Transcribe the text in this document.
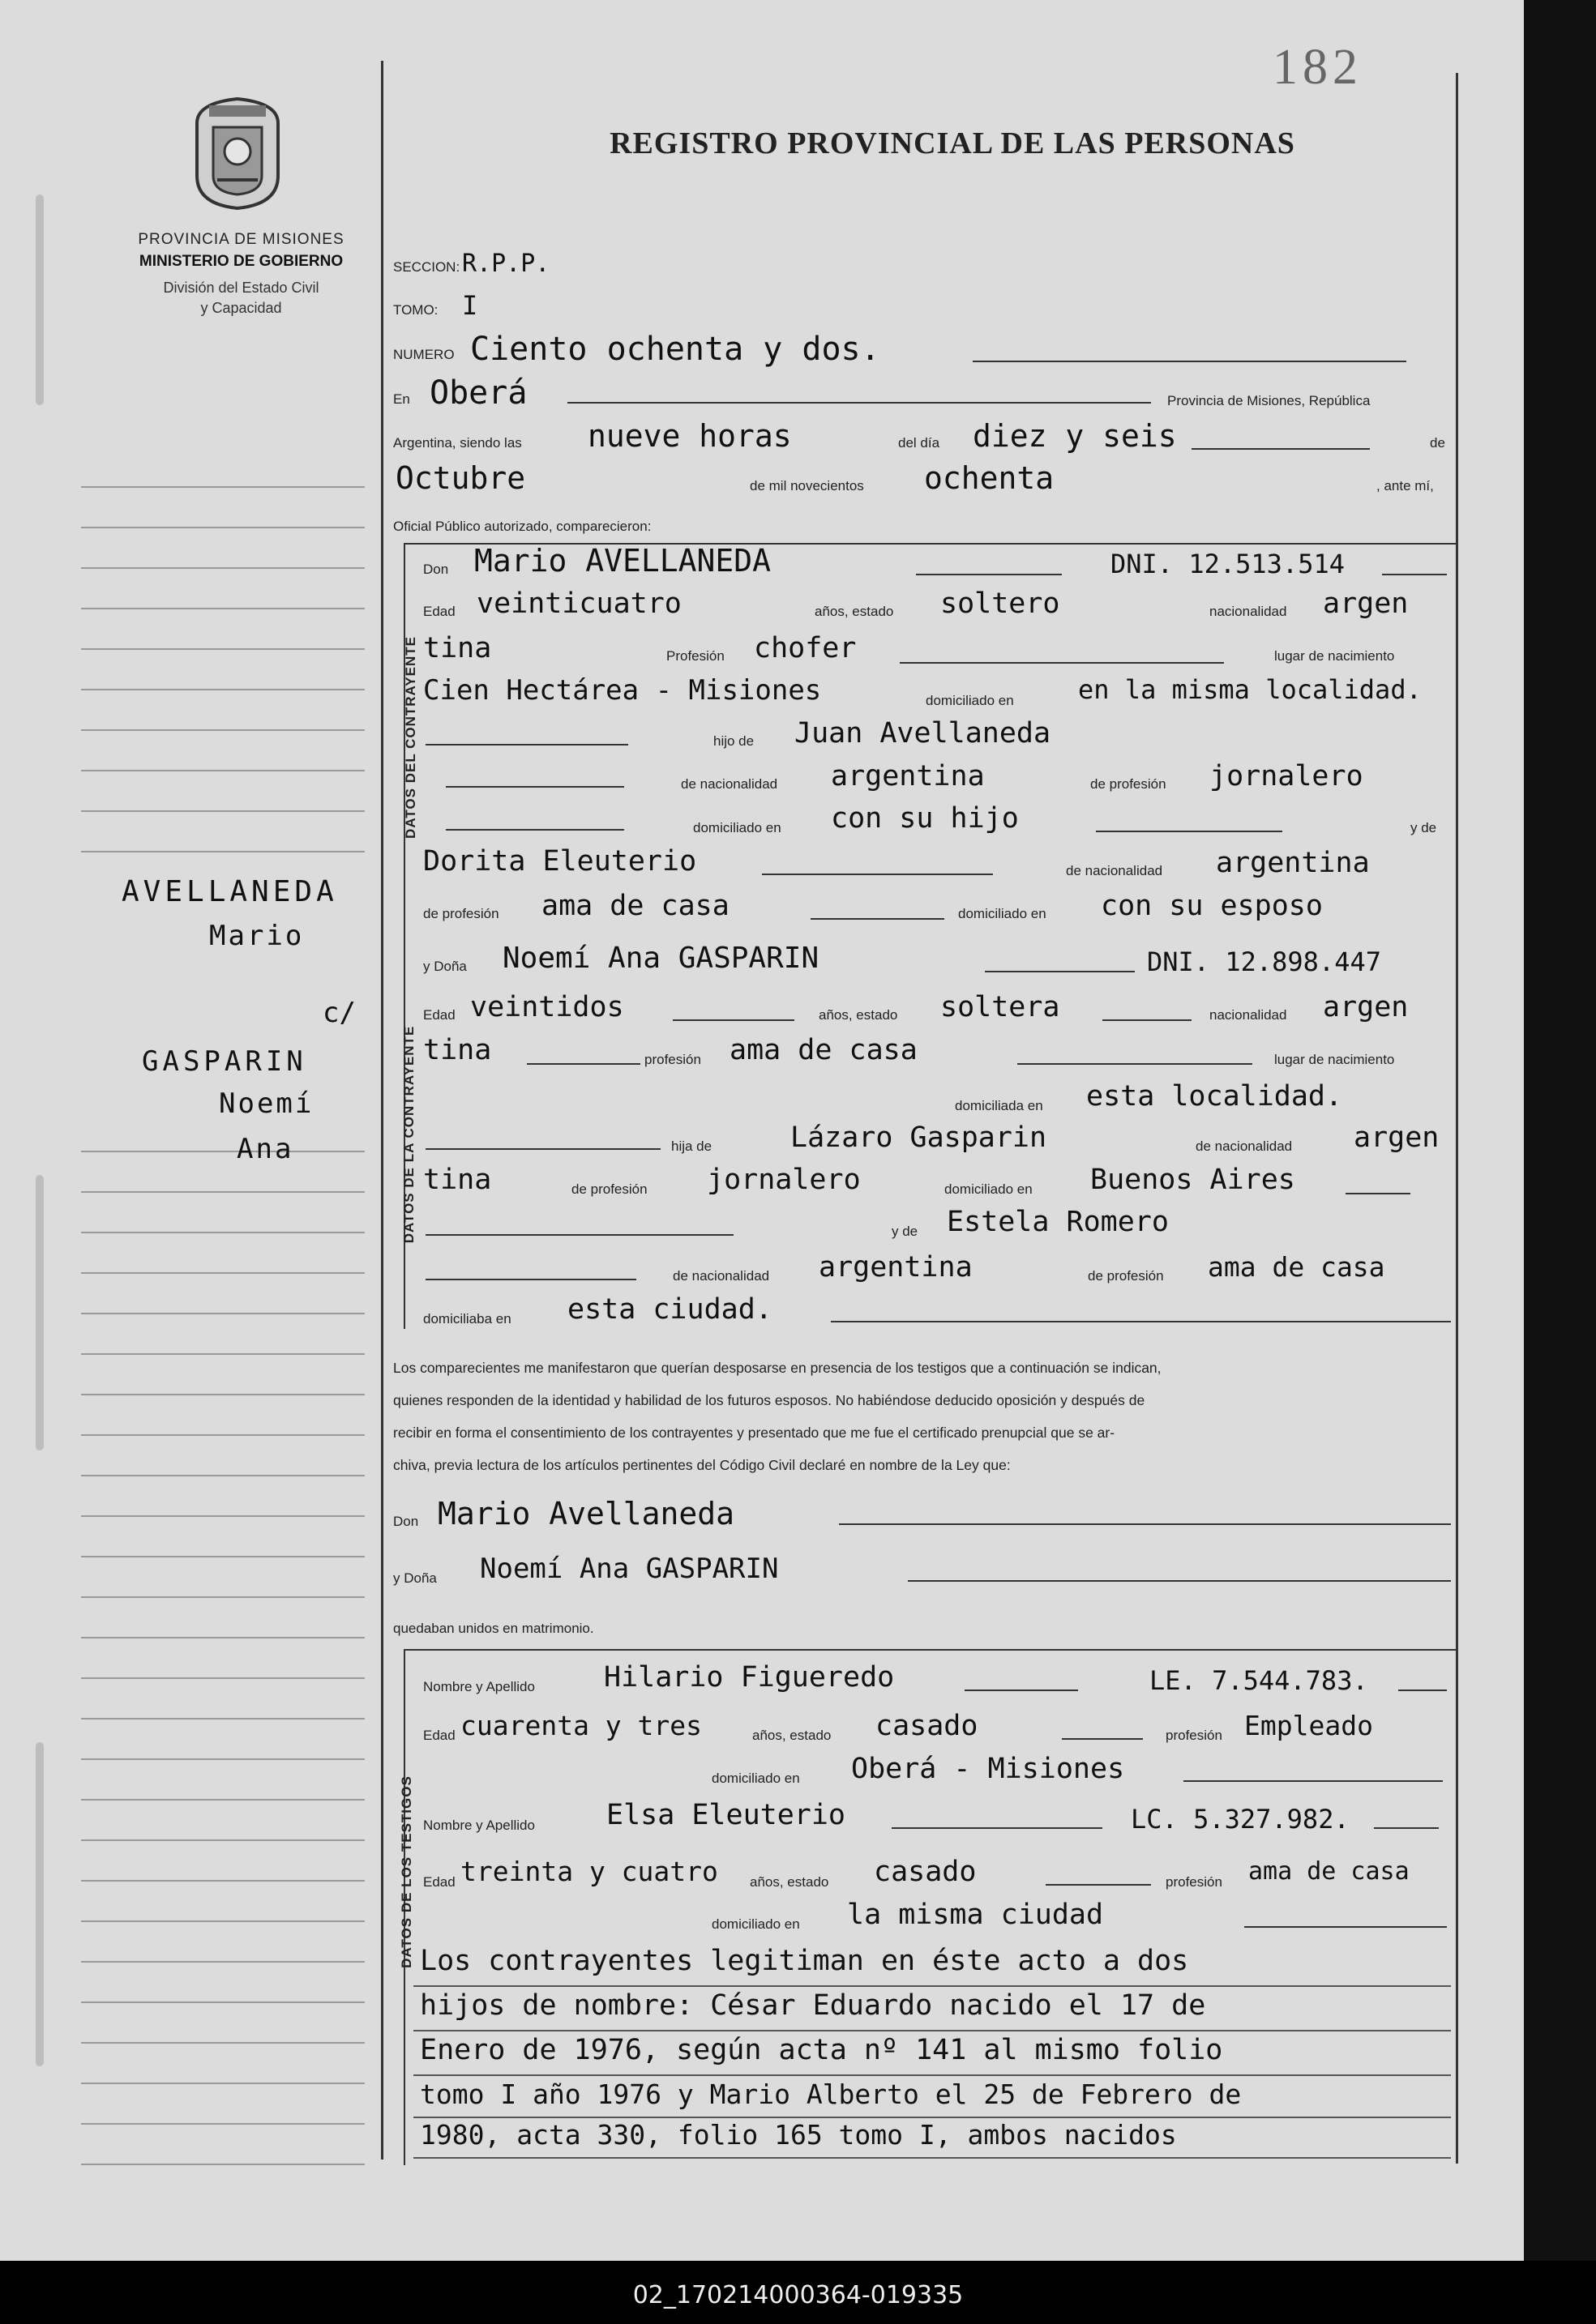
PROVINCIA DE MISIONES
MINISTERIO DE GOBIERNO
División del Estado Civil
y Capacidad
182
REGISTRO PROVINCIAL DE LAS PERSONAS
AVELLANEDA
Mario
c/
GASPARIN
Noemí
Ana
SECCION: R.P.P.
TOMO: I
NUMERO Ciento ochenta y dos.
En Oberá	Provincia de Misiones, República
Argentina, siendo las nueve horas	del día diez y seis	de
Octubre	de mil novecientos ochenta	, ante mí,
Oficial Público autorizado, comparecieron:
DATOS DEL CONTRAYENTE
Don Mario AVELLANEDA	DNI. 12.513.514
Edad veinticuatro	años, estado soltero	nacionalidad argen
tina	Profesión chofer	lugar de nacimiento
Cien Hectárea - Misiones	domiciliado en en la misma localidad.
hijo de Juan Avellaneda
de nacionalidad argentina	de profesión jornalero
domiciliado en con su hijo	y de
Dorita Eleuterio	de nacionalidad argentina
de profesión ama de casa	domiciliado en con su esposo
DATOS DE LA CONTRAYENTE
y Doña Noemí Ana GASPARIN	DNI. 12.898.447
Edad veintidos	años, estado soltera	nacionalidad argen
tina	profesión ama de casa	lugar de nacimiento
domiciliada en esta localidad.
hija de	Lázaro Gasparin	de nacionalidad argen
tina	de profesión jornalero	domiciliado en Buenos Aires
y de Estela Romero
de nacionalidad argentina	de profesión ama de casa
domiciliaba en esta ciudad.
Los comparecientes me manifestaron que querían desposarse en presencia de los testigos que a continuación se indican,
quienes responden de la identidad y habilidad de los futuros esposos. No habiéndose deducido oposición y después de
recibir en forma el consentimiento de los contrayentes y presentado que me fue el certificado prenupcial que se ar-
chiva, previa lectura de los artículos pertinentes del Código Civil declaré en nombre de la Ley que:
Don Mario Avellaneda
y Doña Noemí Ana GASPARIN
quedaban unidos en matrimonio.
DATOS DE LOS TESTIGOS
Nombre y Apellido Hilario Figueredo	LE. 7.544.783.
Edad cuarenta y tres	años, estado casado	profesión Empleado
domiciliado en Oberá - Misiones
Nombre y Apellido	Elsa Eleuterio	LC. 5.327.982.
Edad treinta y cuatro años, estado casado	profesión ama de casa
domiciliado en la misma ciudad
Los contrayentes legitiman en éste acto a dos
hijos de nombre: César Eduardo nacido el 17 de
Enero de 1976, según acta nº 141 al mismo folio
tomo I año 1976 y Mario Alberto el 25 de Febrero de
1980, acta 330, folio 165 tomo I, ambos nacidos
02_170214000364-019335
